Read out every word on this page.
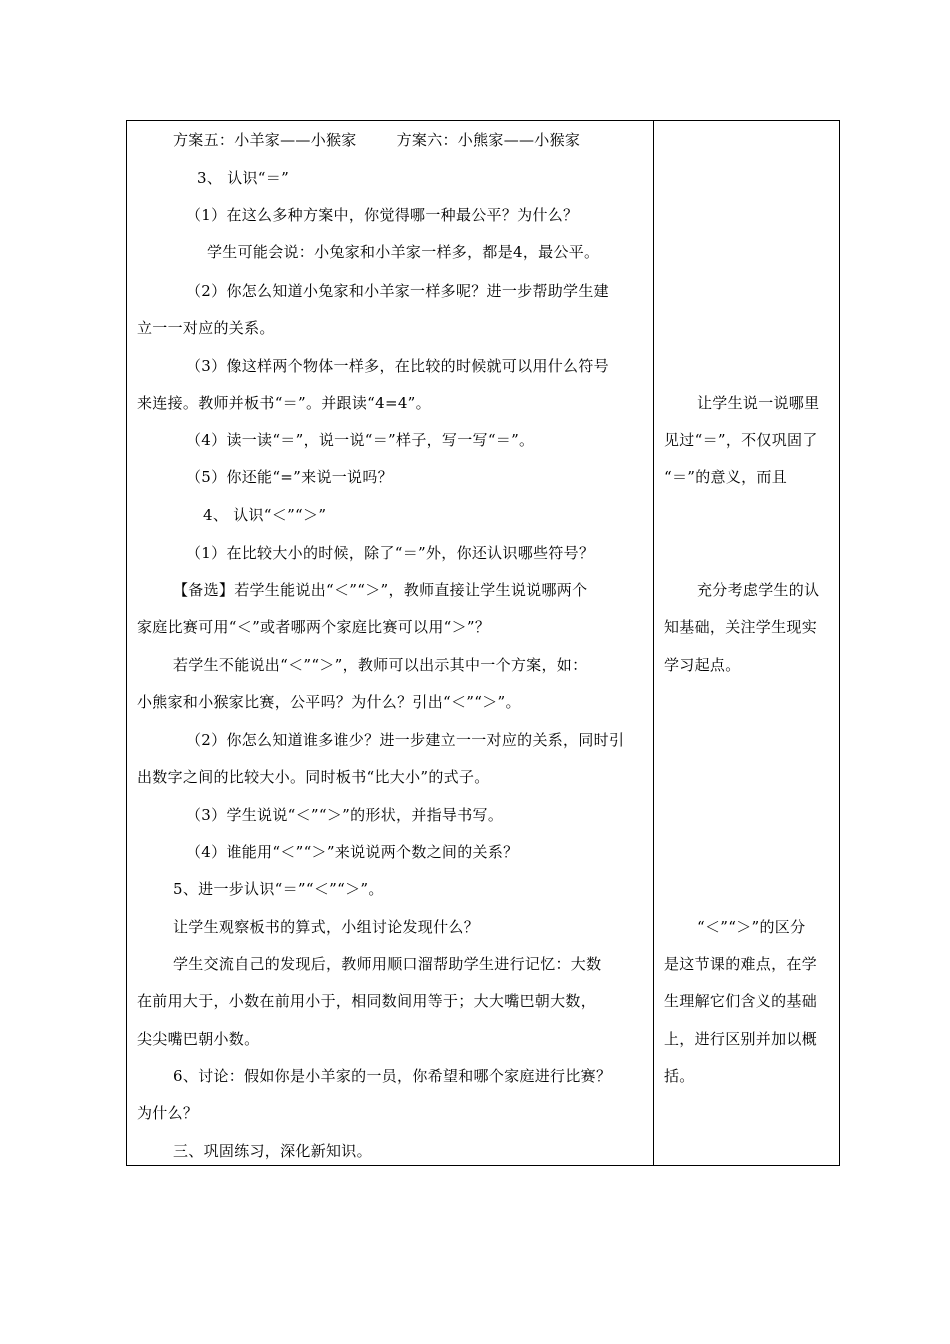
方案五：小羊家——小猴家	方案六：小熊家——小猴家
3、 认识“＝”
（1）在这么多种方案中，你觉得哪一种最公平？为什么？
学生可能会说：小兔家和小羊家一样多，都是4，最公平。
（2）你怎么知道小兔家和小羊家一样多呢？进一步帮助学生建
立一一对应的关系。
（3）像这样两个物体一样多，在比较的时候就可以用什么符号
来连接。教师并板书“＝”。并跟读“4=4”。
（4）读一读“＝”，说一说“＝”样子，写一写“＝”。
（5）你还能“=”来说一说吗？
4、 认识“＜”“＞”
（1）在比较大小的时候，除了“＝”外，你还认识哪些符号？
【备选】若学生能说出“＜”“＞”，教师直接让学生说说哪两个
家庭比赛可用“＜”或者哪两个家庭比赛可以用“＞”？
若学生不能说出“＜”“＞”，教师可以出示其中一个方案，如：
小熊家和小猴家比赛，公平吗？为什么？引出“＜”“＞”。
（2）你怎么知道谁多谁少？进一步建立一一对应的关系，同时引
出数字之间的比较大小。同时板书“比大小”的式子。
（3）学生说说“＜”“＞”的形状，并指导书写。
（4）谁能用“＜”“＞”来说说两个数之间的关系？
5、进一步认识“＝”“＜”“＞”。
让学生观察板书的算式，小组讨论发现什么？
学生交流自己的发现后，教师用顺口溜帮助学生进行记忆：大数
在前用大于，小数在前用小于，相同数间用等于；大大嘴巴朝大数，
尖尖嘴巴朝小数。
6、讨论：假如你是小羊家的一员，你希望和哪个家庭进行比赛？
为什么？
三、巩固练习，深化新知识。
让学生说一说哪里
见过“＝”，不仅巩固了
“＝”的意义，而且
充分考虑学生的认
知基础，关注学生现实
学习起点。
“＜”“＞”的区分
是这节课的难点，在学
生理解它们含义的基础
上，进行区别并加以概
括。
